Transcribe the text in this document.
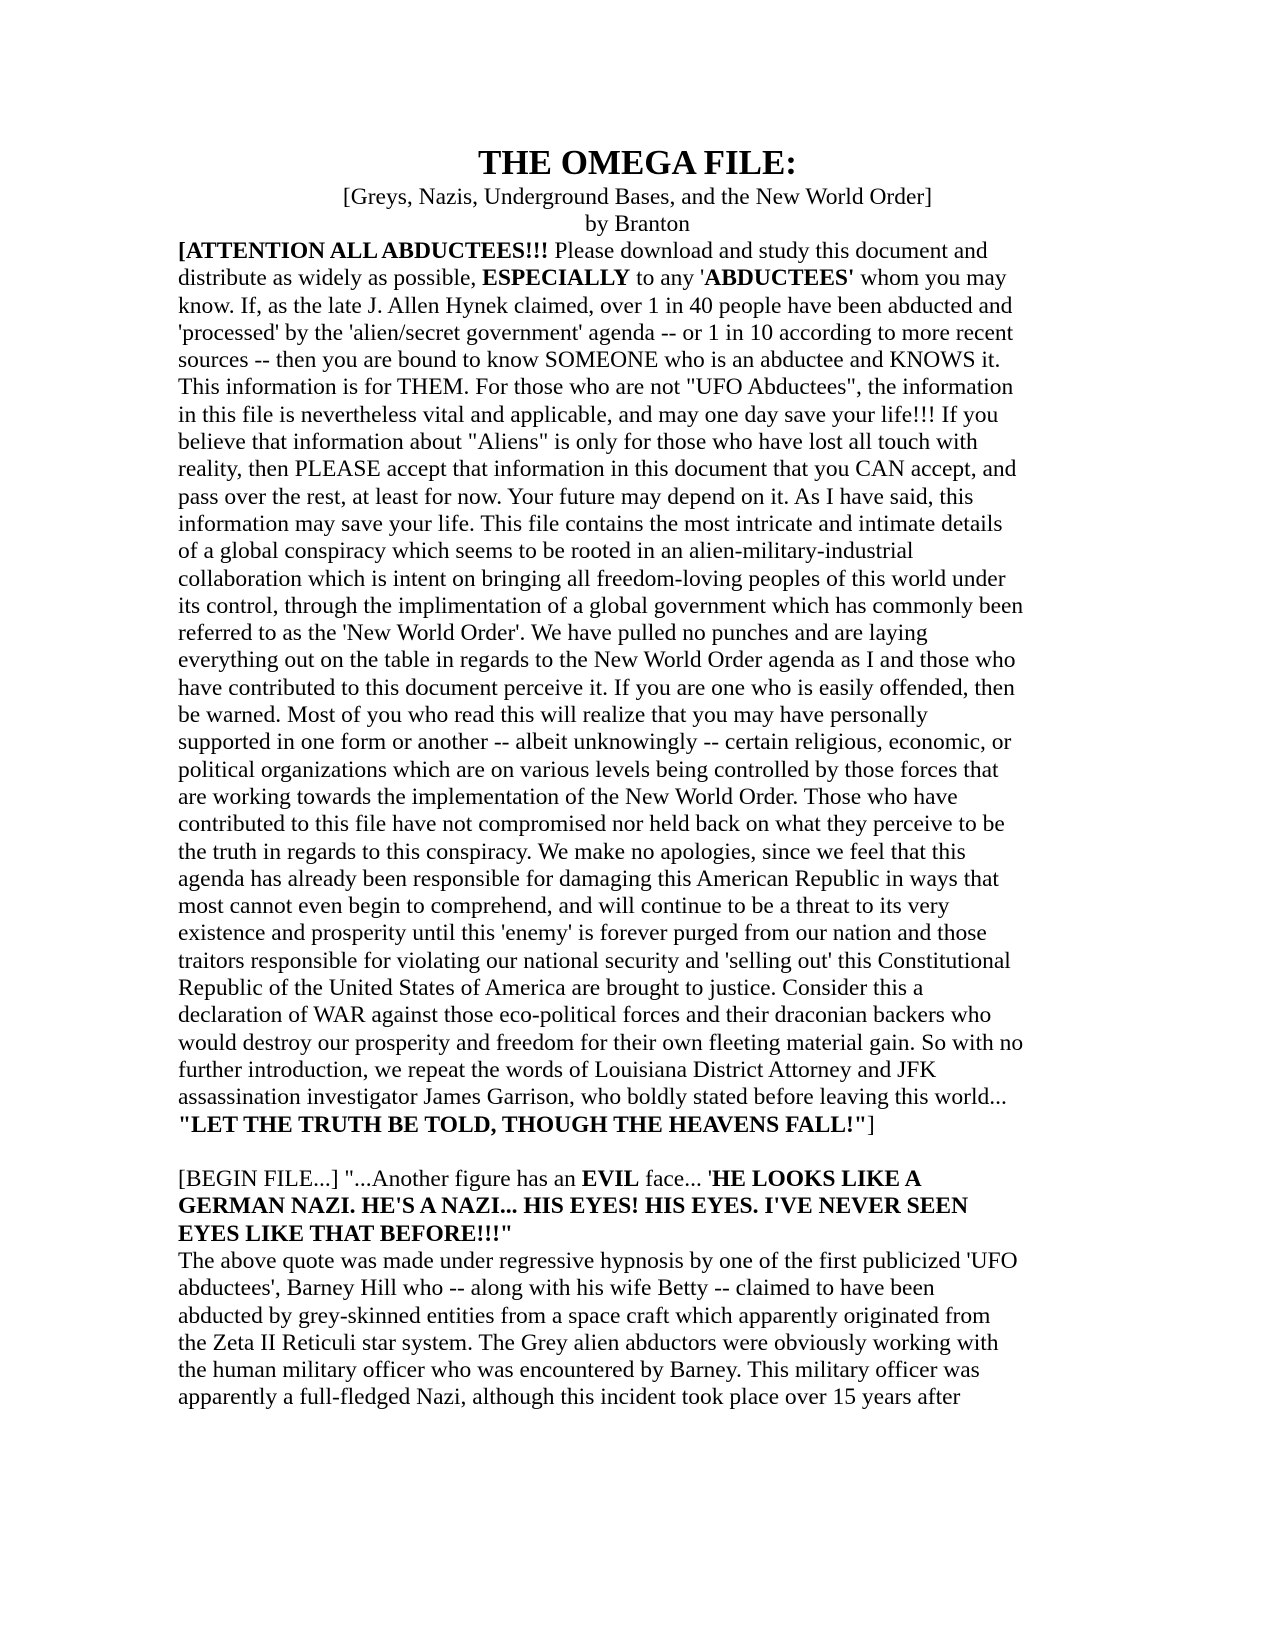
THE OMEGA FILE:
[Greys, Nazis, Underground Bases, and the New World Order]
by Branton
[ATTENTION ALL ABDUCTEES!!! Please download and study this document and
distribute as widely as possible, ESPECIALLY to any 'ABDUCTEES' whom you may
know. If, as the late J. Allen Hynek claimed, over 1 in 40 people have been abducted and
'processed' by the 'alien/secret government' agenda -- or 1 in 10 according to more recent
sources -- then you are bound to know SOMEONE who is an abductee and KNOWS it.
This information is for THEM. For those who are not "UFO Abductees", the information
in this file is nevertheless vital and applicable, and may one day save your life!!! If you
believe that information about "Aliens" is only for those who have lost all touch with
reality, then PLEASE accept that information in this document that you CAN accept, and
pass over the rest, at least for now. Your future may depend on it. As I have said, this
information may save your life. This file contains the most intricate and intimate details
of a global conspiracy which seems to be rooted in an alien-military-industrial
collaboration which is intent on bringing all freedom-loving peoples of this world under
its control, through the implimentation of a global government which has commonly been
referred to as the 'New World Order'. We have pulled no punches and are laying
everything out on the table in regards to the New World Order agenda as I and those who
have contributed to this document perceive it. If you are one who is easily offended, then
be warned. Most of you who read this will realize that you may have personally
supported in one form or another -- albeit unknowingly -- certain religious, economic, or
political organizations which are on various levels being controlled by those forces that
are working towards the implementation of the New World Order. Those who have
contributed to this file have not compromised nor held back on what they perceive to be
the truth in regards to this conspiracy. We make no apologies, since we feel that this
agenda has already been responsible for damaging this American Republic in ways that
most cannot even begin to comprehend, and will continue to be a threat to its very
existence and prosperity until this 'enemy' is forever purged from our nation and those
traitors responsible for violating our national security and 'selling out' this Constitutional
Republic of the United States of America are brought to justice. Consider this a
declaration of WAR against those eco-political forces and their draconian backers who
would destroy our prosperity and freedom for their own fleeting material gain. So with no
further introduction, we repeat the words of Louisiana District Attorney and JFK
assassination investigator James Garrison, who boldly stated before leaving this world...
"LET THE TRUTH BE TOLD, THOUGH THE HEAVENS FALL!"]
[BEGIN FILE...] "...Another figure has an EVIL face... 'HE LOOKS LIKE A
GERMAN NAZI. HE'S A NAZI... HIS EYES! HIS EYES. I'VE NEVER SEEN
EYES LIKE THAT BEFORE!!!"
The above quote was made under regressive hypnosis by one of the first publicized 'UFO
abductees', Barney Hill who -- along with his wife Betty -- claimed to have been
abducted by grey-skinned entities from a space craft which apparently originated from
the Zeta II Reticuli star system. The Grey alien abductors were obviously working with
the human military officer who was encountered by Barney. This military officer was
apparently a full-fledged Nazi, although this incident took place over 15 years after
